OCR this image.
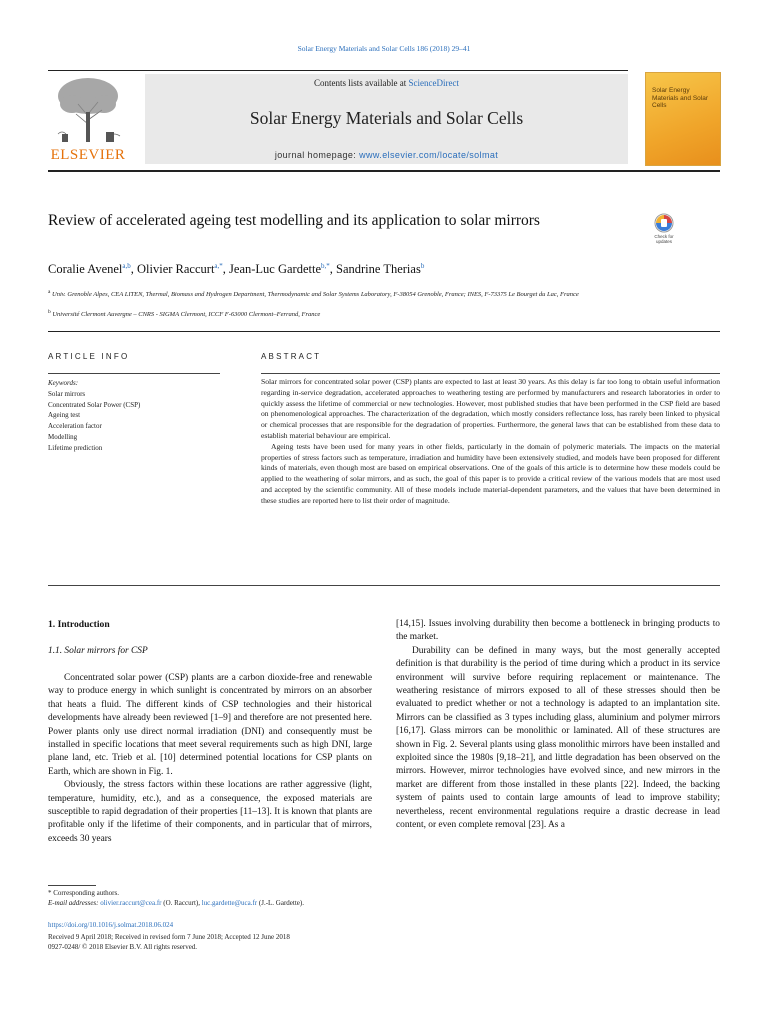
Solar Energy Materials and Solar Cells 186 (2018) 29–41
ELSEVIER
Contents lists available at ScienceDirect
Solar Energy Materials and Solar Cells
journal homepage: www.elsevier.com/locate/solmat
Solar Energy Materials and Solar Cells
Review of accelerated ageing test modelling and its application to solar mirrors
Check for updates
Coralie Avenel$^{a,b}$, Olivier Raccurt$^{a,*}$, Jean-Luc Gardette$^{b,*}$, Sandrine Therias$^b$
$^a$ Univ. Grenoble Alpes, CEA LITEN, Thermal, Biomass and Hydrogen Department, Thermodynamic and Solar Systems Laboratory, F-38054 Grenoble, France; INES, F-73375 Le Bourget du Lac, France
$^b$ Université Clermont Auvergne – CNRS - SIGMA Clermont, ICCF F-63000 Clermont–Ferrand, France
ARTICLE INFO	ABSTRACT
Keywords:
Solar mirrors
Concentrated Solar Power (CSP)
Ageing test
Acceleration factor
Modelling
Lifetime prediction

Solar mirrors for concentrated solar power (CSP) plants are expected to last at least 30 years. As this delay is far too long to obtain useful information regarding in-service degradation, accelerated approaches to weathering testing are performed by manufacturers and research laboratories in order to quickly assess the lifetime of commercial or new technologies. However, most published studies that have been performed in the CSP field are based on phenomenological approaches. The characterization of the degradation, which mostly considers reflectance loss, has rarely been linked to physical or chemical processes that are responsible for the degradation of properties. Furthermore, the general laws that can be established from these data to establish material behaviour are empirical.

Ageing tests have been used for many years in other fields, particularly in the domain of polymeric materials. The impacts on the material properties of stress factors such as temperature, irradiation and humidity have been extensively studied, and models have been proposed for different kinds of materials, even though most are based on empirical observations. One of the goals of this article is to determine how these models could be applied to the weathering of solar mirrors, and as such, the goal of this paper is to provide a critical review of the various models that are most used and accepted by the scientific community. All of these models include material-dependent parameters, and the values that have been determined in these studies are reported here to list their order of magnitude.

1. Introduction
1.1. Solar mirrors for CSP

Concentrated solar power (CSP) plants are a carbon dioxide-free and renewable way to produce energy in which sunlight is concentrated by mirrors on an absorber that heats a fluid. The different kinds of CSP technologies and their historical developments have already been reviewed [1–9] and therefore are not presented here. Power plants only use direct normal irradiation (DNI) and consequently must be installed in specific locations that meet several requirements such as high DNI, large plane land, etc. Trieb et al. [10] determined potential locations for CSP plants on Earth, which are shown in Fig. 1.

Obviously, the stress factors within these locations are rather aggressive (light, temperature, humidity, etc.), and as a consequence, the exposed materials are susceptible to rapid degradation of their properties [11–13]. It is known that plants are profitable only if the lifetime of their components, and in particular that of mirrors, exceeds 30 years

[14,15]. Issues involving durability then become a bottleneck in bringing products to the market.

Durability can be defined in many ways, but the most generally accepted definition is that durability is the period of time during which a product in its service environment will survive before requiring replacement or maintenance. The weathering resistance of mirrors exposed to all of these stresses should then be evaluated to predict whether or not a technology is adapted to an implantation site. Mirrors can be classified as 3 types including glass, aluminium and polymer mirrors [16,17]. Glass mirrors can be monolithic or laminated. All of these structures are shown in Fig. 2. Several plants using glass monolithic mirrors have been installed and exploited since the 1980s [9,18–21], and little degradation has been observed on the mirrors. However, mirror technologies have evolved since, and new mirrors in the market are different from those installed in these plants [22]. Indeed, the backing system of paints used to contain large amounts of lead to improve stability; nevertheless, recent environmental regulations require a drastic decrease in lead content, or even complete removal [23]. As a

* Corresponding authors.
E-mail addresses: olivier.raccurt@cea.fr (O. Raccurt), luc.gardette@uca.fr (J.-L. Gardette).
https://doi.org/10.1016/j.solmat.2018.06.024
Received 9 April 2018; Received in revised form 7 June 2018; Accepted 12 June 2018
0927-0248/ © 2018 Elsevier B.V. All rights reserved.
